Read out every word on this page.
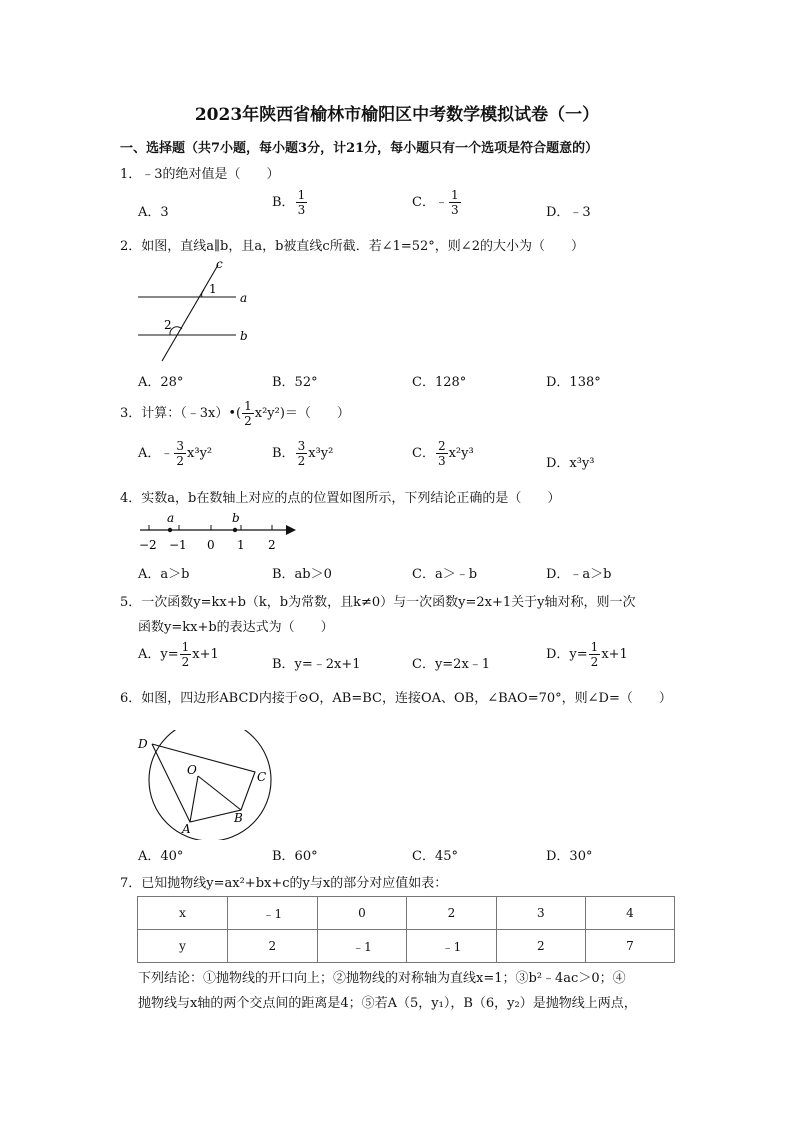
2023年陕西省榆林市榆阳区中考数学模拟试卷（一）
一、选择题（共7小题，每小题3分，计21分，每小题只有一个选项是符合题意的）
1．﹣3的绝对值是（　　）
A．3
B． $\frac{1}{3}$	C．﹣ $\frac{1}{3}$	D．﹣3
2．如图，直线a∥b，且a，b被直线c所截．若∠1=52°，则∠2的大小为（　　）
c
a
b
1
2
A．28°	B．52°	C．128°	D．138°
3．计算：（﹣3x）•( $\frac{1}{2} x^2y^2)=$（　　）
A．﹣ $\frac{3}{2} x^3y^2$	B． $\frac{3}{2} x^3y^2$	C． $\frac{2}{3} x^2y^3$
D．x³y³
4．实数a，b在数轴上对应的点的位置如图所示，下列结论正确的是（　　）
a	b
−2 −1 0 1 2
A．a＞b	B．ab＞0	C．a＞﹣b	D．﹣a＞b
5．一次函数y=kx+b（k，b为常数，且k≠0）与一次函数y=2x+1关于y轴对称，则一次
函数y=kx+b的表达式为（　　）
A．$y= \frac{1}{2} x+1$
B．y=﹣2x+1	C．y=2x﹣1
D．$y= \frac{1}{2} x+1$
6．如图，四边形ABCD内接于⊙O，AB=BC，连接OA、OB，∠BAO=70°，则∠D=（　　）
D
O	C
B
A
A．40°	B．60°	C．45°	D．30°
7．已知抛物线y=ax²+bx+c的y与x的部分对应值如表：
x	﹣1	0	2	3	4
y	2	﹣1	﹣1	2	7
下列结论：①抛物线的开口向上；②抛物线的对称轴为直线x=1；③b²﹣4ac＞0；④
抛物线与x轴的两个交点间的距离是4；⑤若A（5，y₁），B（6，y₂）是抛物线上两点，
